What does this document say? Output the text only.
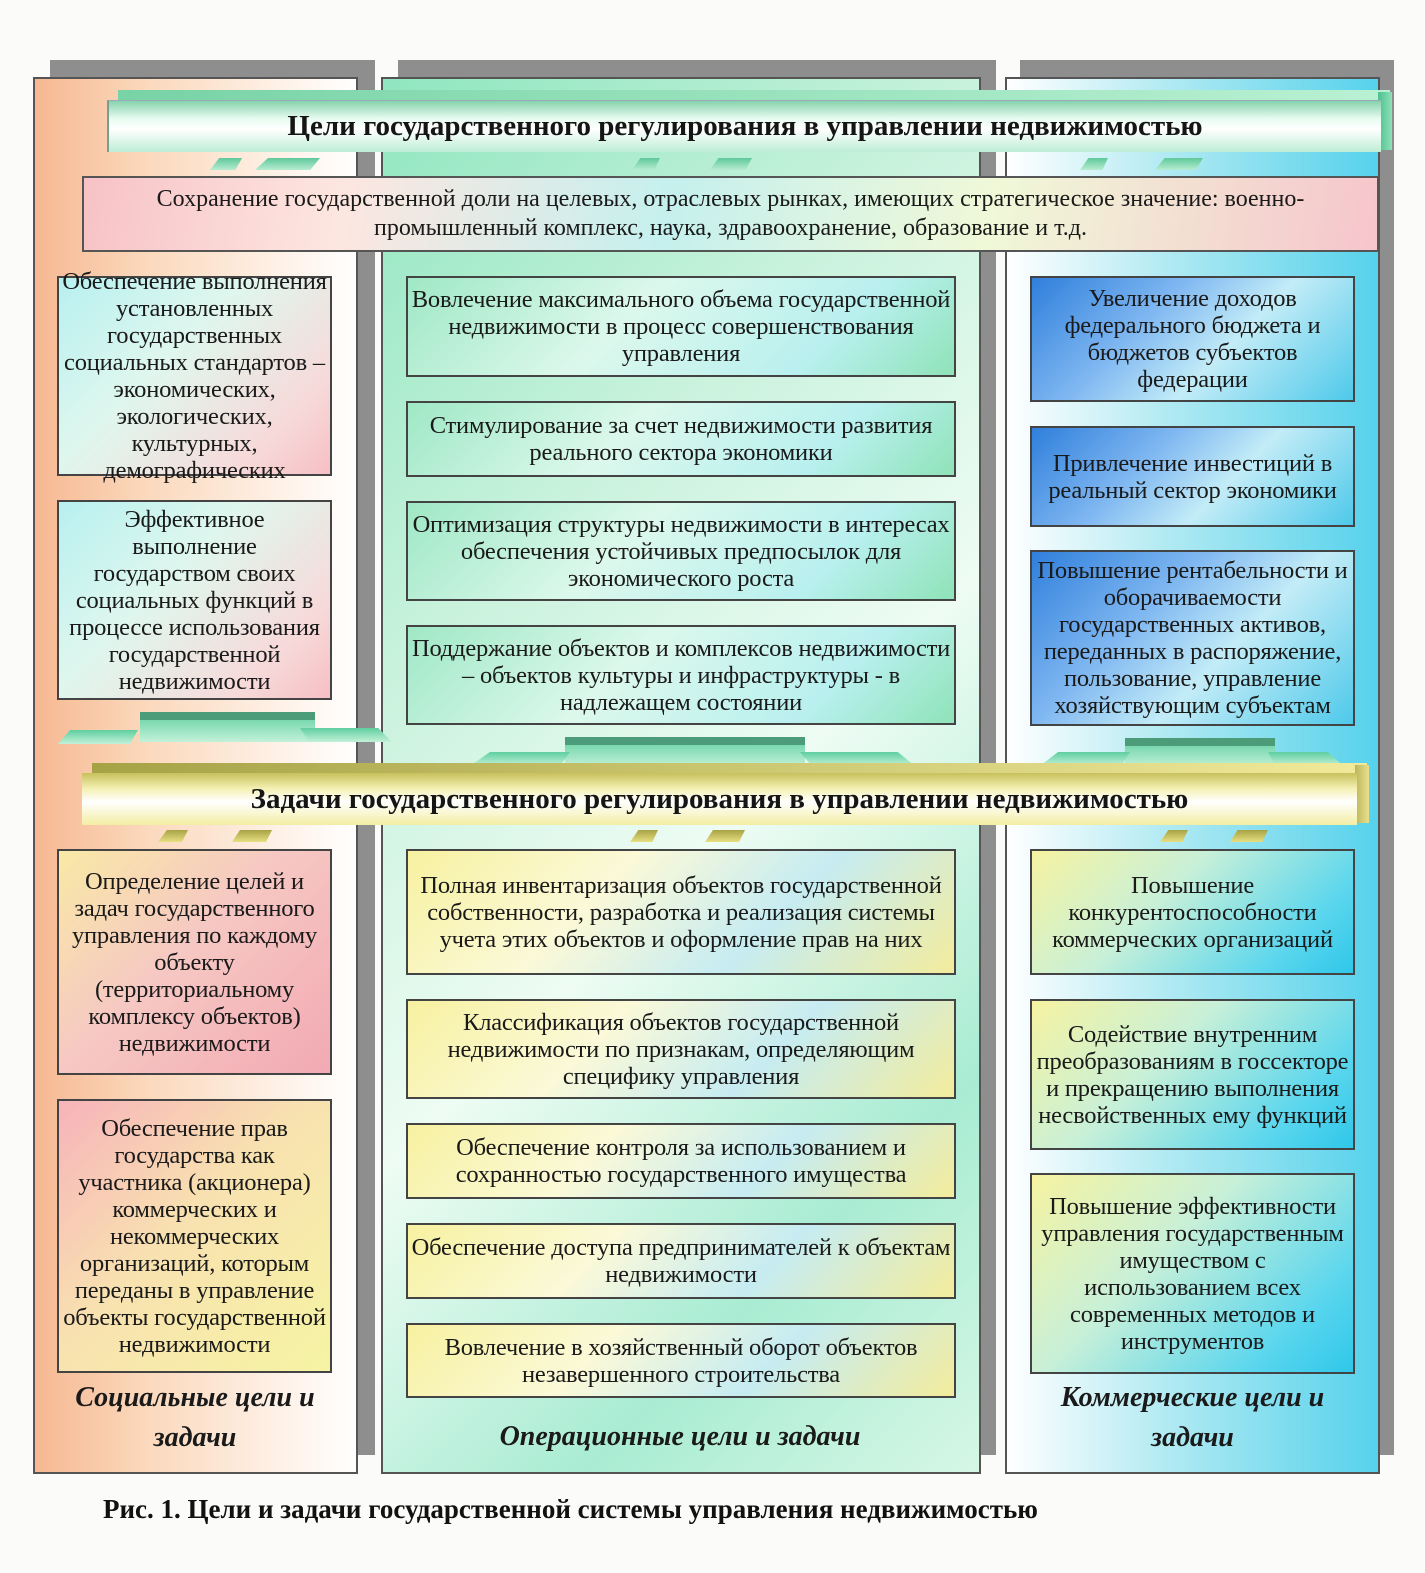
Цели государственного регулирования в управлении недвижимостью
Сохранение государственной доли на целевых, отраслевых рынках, имеющих стратегическое значение: военно-промышленный комплекс, наука, здравоохранение, образование и т.д.
Обеспечение выполнения установленных государственных социальных стандартов – экономических, экологических, культурных, демографических
Эффективное выполнение государством своих социальных функций в процессе использования государственной недвижимости
Вовлечение максимального объема государственной недвижимости в процесс совершенствования управления
Стимулирование за счет недвижимости развития реального сектора экономики
Оптимизация структуры недвижимости в интересах обеспечения устойчивых предпосылок для экономического роста
Поддержание объектов и комплексов недвижимости – объектов культуры и инфраструктуры - в надлежащем состоянии
Увеличение доходов федерального бюджета и бюджетов субъектов федерации
Привлечение инвестиций в реальный сектор экономики
Повышение рентабельности и оборачиваемости государственных активов, переданных в распоряжение, пользование, управление хозяйствующим субъектам
Задачи государственного регулирования в управлении недвижимостью
Определение целей и задач государственного управления по каждому объекту (территориальному комплексу объектов) недвижимости
Обеспечение прав государства как участника (акционера) коммерческих и некоммерческих организаций, которым переданы в управление объекты государственной недвижимости
Полная инвентаризация объектов государственной собственности, разработка и реализация системы учета этих объектов и оформление прав на них
Классификация объектов государственной недвижимости по признакам, определяющим специфику управления
Обеспечение контроля за использованием и сохранностью государственного имущества
Обеспечение доступа предпринимателей к объектам недвижимости
Вовлечение в хозяйственный оборот объектов незавершенного строительства
Повышение конкурентоспособности коммерческих организаций
Содействие внутренним преобразованиям в госсекторе и прекращению выполнения несвойственных ему функций
Повышение эффективности управления государственным имуществом с использованием всех современных методов и инструментов
Социальные цели и задачи	Операционные цели и задачи
Коммерческие цели и задачи
Рис. 1. Цели и задачи государственной системы управления недвижимостью
